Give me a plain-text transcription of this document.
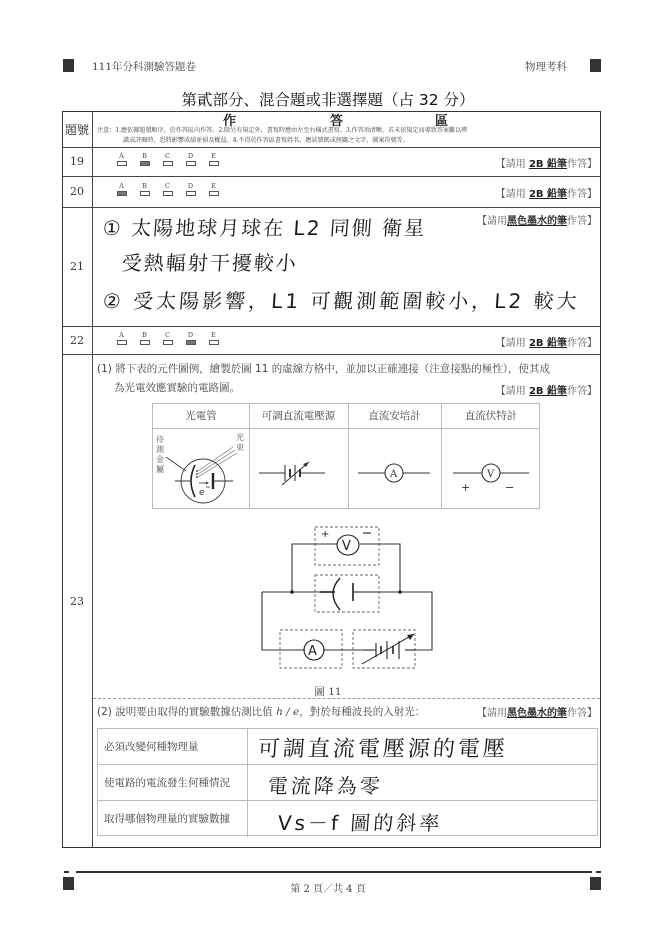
111年分科測驗答題卷	物理考科
第貳部分、混合題或非選擇題（占 32 分）
題號
作	答	區
注意：1.應依據題號順序，於作答區內作答。2.除另有規定外，書寫時應由左至右橫式書寫。3.作答須清晰，若未依規定而導致答案難以辨
識或評閱時，恐將影響成績並損及權益。4.不得於作答區書寫姓名、應試號碼或無關之文字、圖案符號等。
19	A	B	C	D	E
【請用 2B 鉛筆作答】
20	A	B	C	D	E
【請用 2B 鉛筆作答】
21
【請用黑色墨水的筆作答】
① 太陽地球月球在 L2 同側 衛星
受熱輻射干擾較小
② 受太陽影響，L1 可觀測範圍較小，L2 較大
22	A	B	C	D	E
【請用 2B 鉛筆作答】
23
(1) 將下表的元件圖例，繪製於圖 11 的虛線方格中，並加以正確連接（注意接點的極性），使其成
為光電效應實驗的電路圖。	【請用 2B 鉛筆作答】
光電管	可調直流電壓源	直流安培計	直流伏特計
待
測
金
屬
光
束
e
A	V
+	−
V
+
A
圖 11
(2) 說明要由取得的實驗數據估測比值 h / e，對於每種波長的入射光：	【請用黑色墨水的筆作答】
必須改變何種物理量	可調直流電壓源的電壓
使電路的電流發生何種情況	電流降為零
取得哪個物理量的實驗數據	Vs－f 圖的斜率
第 2 頁／共 4 頁
